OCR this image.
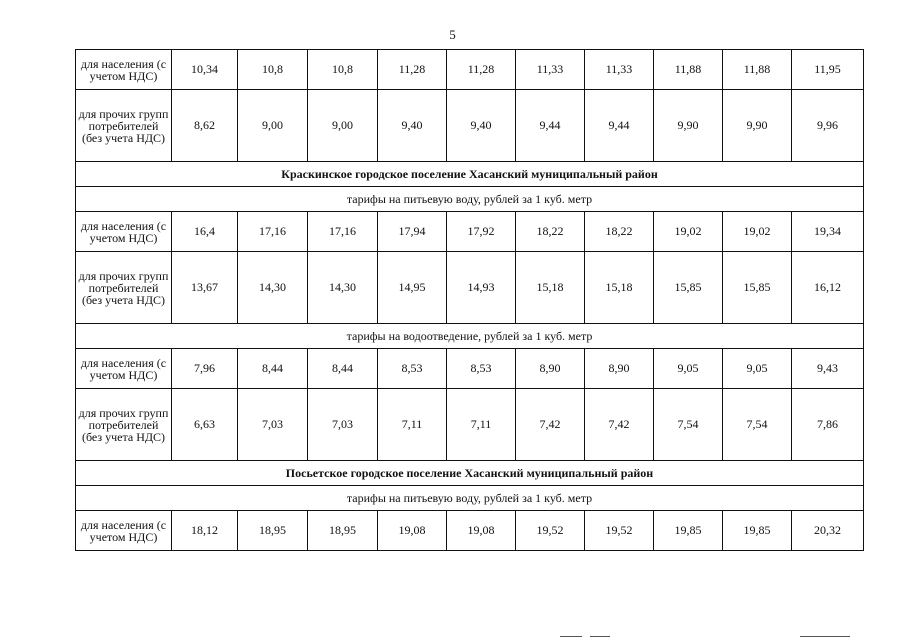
5
для населения (с учетом НДС)	10,34	10,8	10,8	11,28	11,28	11,33	11,33	11,88	11,88	11,95
для прочих групп потребителей (без учета НДС)	8,62	9,00	9,00	9,40	9,40	9,44	9,44	9,90	9,90	9,96
Краскинское городское поселение Хасанский муниципальный район										
тарифы на питьевую воду, рублей за 1 куб. метр										
для населения (с учетом НДС)	16,4	17,16	17,16	17,94	17,92	18,22	18,22	19,02	19,02	19,34
для прочих групп потребителей (без учета НДС)	13,67	14,30	14,30	14,95	14,93	15,18	15,18	15,85	15,85	16,12
тарифы на водоотведение, рублей за 1 куб. метр										
для населения (с учетом НДС)	7,96	8,44	8,44	8,53	8,53	8,90	8,90	9,05	9,05	9,43
для прочих групп потребителей (без учета НДС)	6,63	7,03	7,03	7,11	7,11	7,42	7,42	7,54	7,54	7,86
Посьетское городское поселение Хасанский муниципальный район										
тарифы на питьевую воду, рублей за 1 куб. метр										
для населения (с учетом НДС)	18,12	18,95	18,95	19,08	19,08	19,52	19,52	19,85	19,85	20,32
